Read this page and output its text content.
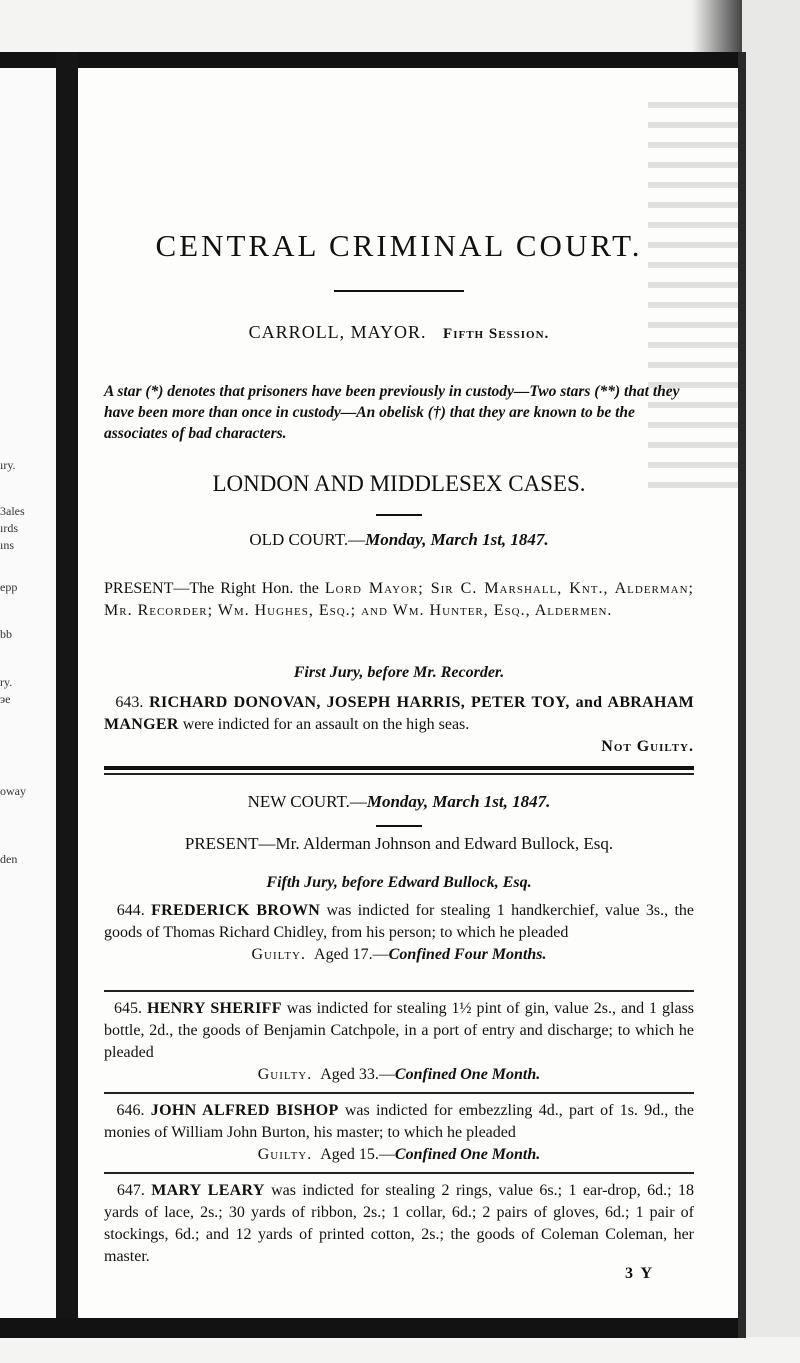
ıry.
3ales
ırds
ıns
ерр
bb
ry.
эe
oway
den
CENTRAL CRIMINAL COURT.
CARROLL, MAYOR. Fifth Session.
A star (*) denotes that prisoners have been previously in custody—Two stars (**) that they have been more than once in custody—An obelisk (†) that they are known to be the associates of bad characters.
LONDON AND MIDDLESEX CASES.
OLD COURT.—Monday, March 1st, 1847.
PRESENT—The Right Hon. the Lord Mayor; Sir C. Marshall, Knt., Alderman; Mr. Recorder; Wm. Hughes, Esq.; and Wm. Hunter, Esq., Aldermen.
First Jury, before Mr. Recorder.
643. RICHARD DONOVAN, JOSEPH HARRIS, PETER TOY, and ABRAHAM MANGER were indicted for an assault on the high seas.
Not Guilty.
NEW COURT.—Monday, March 1st, 1847.
PRESENT—Mr. Alderman Johnson and Edward Bullock, Esq.
Fifth Jury, before Edward Bullock, Esq.
644. FREDERICK BROWN was indicted for stealing 1 handkerchief, value 3s., the goods of Thomas Richard Chidley, from his person; to which he pleaded
Guilty. Aged 17.—Confined Four Months.
645. HENRY SHERIFF was indicted for stealing 1½ pint of gin, value 2s., and 1 glass bottle, 2d., the goods of Benjamin Catchpole, in a port of entry and discharge; to which he pleaded
Guilty. Aged 33.—Confined One Month.
646. JOHN ALFRED BISHOP was indicted for embezzling 4d., part of 1s. 9d., the monies of William John Burton, his master; to which he pleaded
Guilty. Aged 15.—Confined One Month.
647. MARY LEARY was indicted for stealing 2 rings, value 6s.; 1 ear-drop, 6d.; 18 yards of lace, 2s.; 30 yards of ribbon, 2s.; 1 collar, 6d.; 2 pairs of gloves, 6d.; 1 pair of stockings, 6d.; and 12 yards of printed cotton, 2s.; the goods of Coleman Coleman, her master.
3 Y
